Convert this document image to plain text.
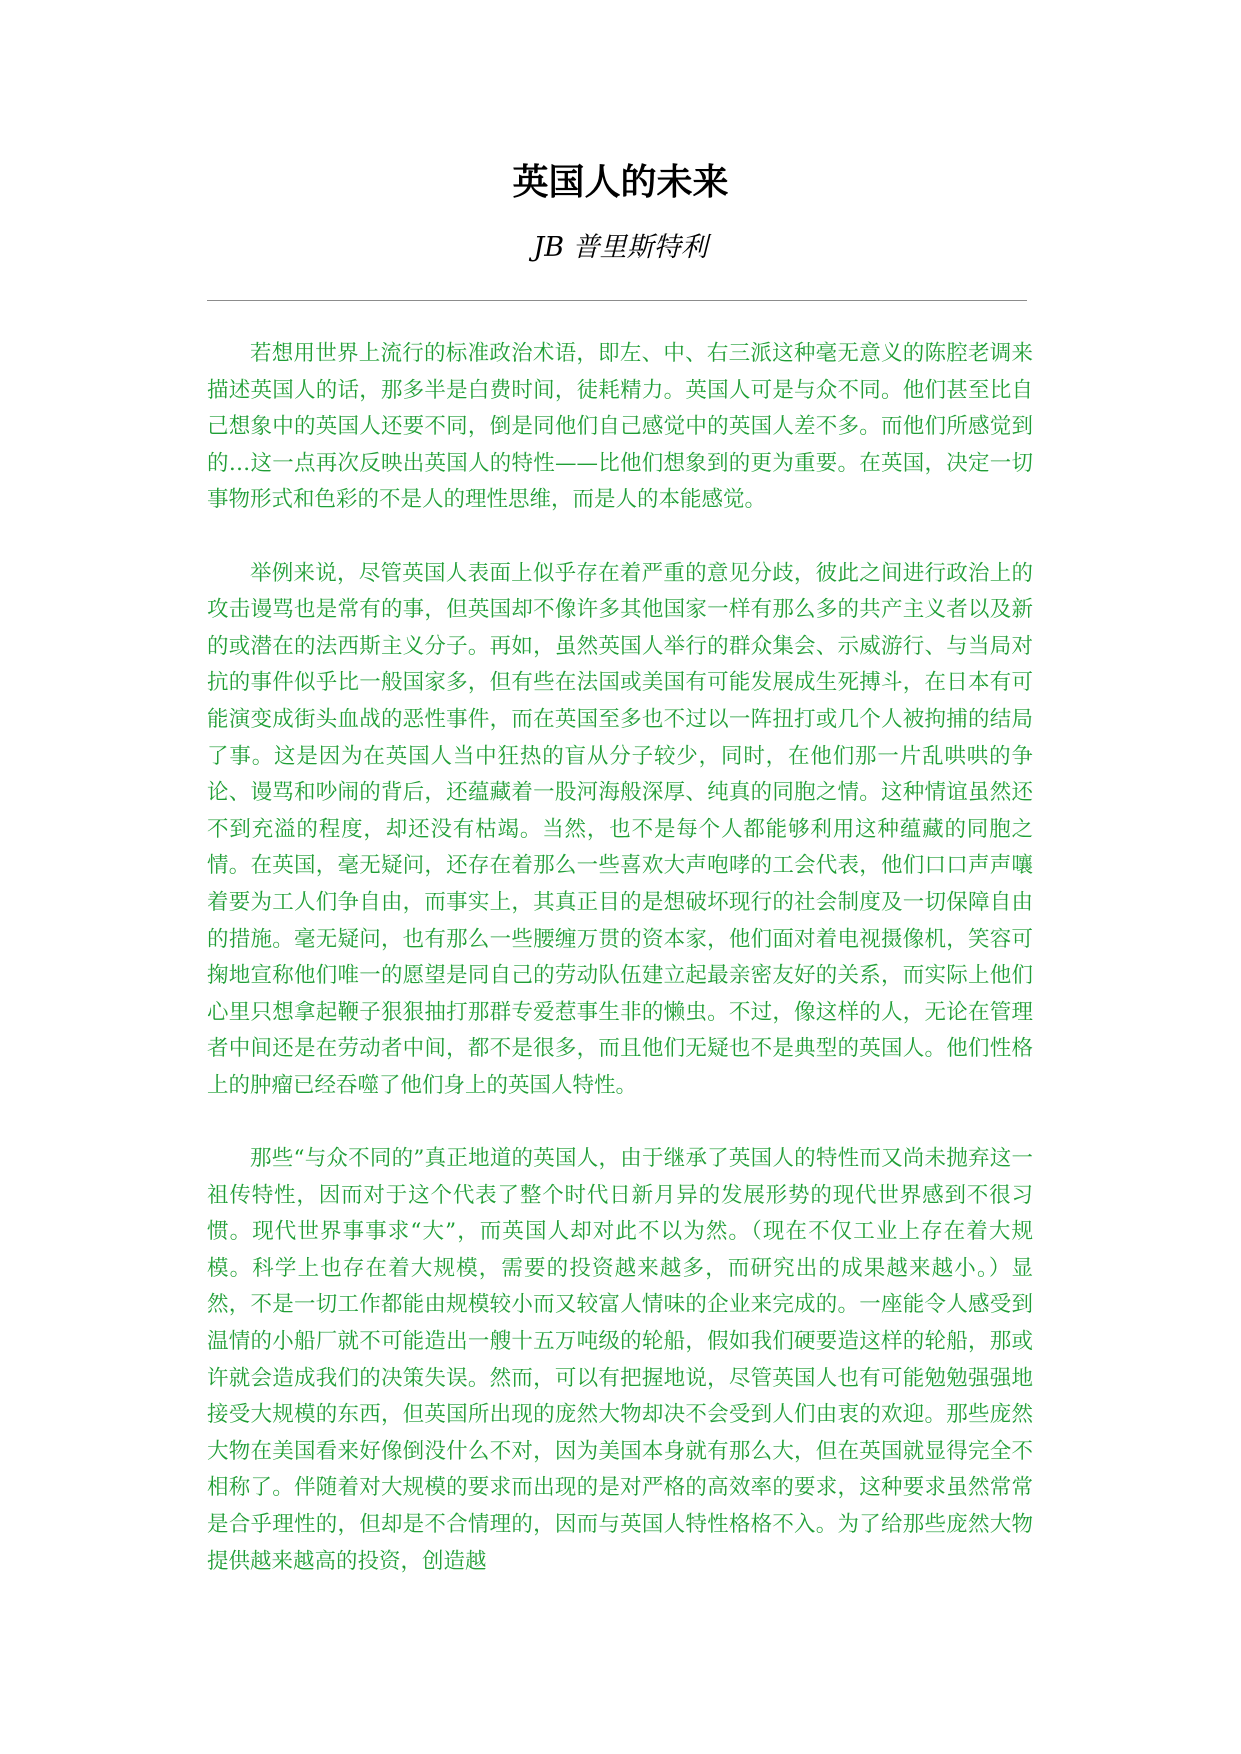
英国人的未来
JB 普里斯特利

若想用世界上流行的标准政治术语，即左、中、右三派这种毫无意义的陈腔老调来描述英国人的话，那多半是白费时间，徒耗精力。英国人可是与众不同。他们甚至比自己想象中的英国人还要不同，倒是同他们自己感觉中的英国人差不多。而他们所感觉到的…这一点再次反映出英国人的特性——比他们想象到的更为重要。在英国，决定一切事物形式和色彩的不是人的理性思维，而是人的本能感觉。

举例来说，尽管英国人表面上似乎存在着严重的意见分歧，彼此之间进行政治上的攻击谩骂也是常有的事，但英国却不像许多其他国家一样有那么多的共产主义者以及新的或潜在的法西斯主义分子。再如，虽然英国人举行的群众集会、示威游行、与当局对抗的事件似乎比一般国家多，但有些在法国或美国有可能发展成生死搏斗，在日本有可能演变成街头血战的恶性事件，而在英国至多也不过以一阵扭打或几个人被拘捕的结局了事。这是因为在英国人当中狂热的盲从分子较少，同时，在他们那一片乱哄哄的争论、谩骂和吵闹的背后，还蕴藏着一股河海般深厚、纯真的同胞之情。这种情谊虽然还不到充溢的程度，却还没有枯竭。当然，也不是每个人都能够利用这种蕴藏的同胞之情。在英国，毫无疑问，还存在着那么一些喜欢大声咆哮的工会代表，他们口口声声嚷着要为工人们争自由，而事实上，其真正目的是想破坏现行的社会制度及一切保障自由的措施。毫无疑问，也有那么一些腰缠万贯的资本家，他们面对着电视摄像机，笑容可掬地宣称他们唯一的愿望是同自己的劳动队伍建立起最亲密友好的关系，而实际上他们心里只想拿起鞭子狠狠抽打那群专爱惹事生非的懒虫。不过，像这样的人，无论在管理者中间还是在劳动者中间，都不是很多，而且他们无疑也不是典型的英国人。他们性格上的肿瘤已经吞噬了他们身上的英国人特性。

那些“与众不同的”真正地道的英国人，由于继承了英国人的特性而又尚未抛弃这一祖传特性，因而对于这个代表了整个时代日新月异的发展形势的现代世界感到不很习惯。现代世界事事求“大”，而英国人却对此不以为然。（现在不仅工业上存在着大规模。科学上也存在着大规模，需要的投资越来越多，而研究出的成果越来越小。）显然，不是一切工作都能由规模较小而又较富人情味的企业来完成的。一座能令人感受到温情的小船厂就不可能造出一艘十五万吨级的轮船，假如我们硬要造这样的轮船，那或许就会造成我们的决策失误。然而，可以有把握地说，尽管英国人也有可能勉勉强强地接受大规模的东西，但英国所出现的庞然大物却决不会受到人们由衷的欢迎。那些庞然大物在美国看来好像倒没什么不对，因为美国本身就有那么大，但在英国就显得完全不相称了。伴随着对大规模的要求而出现的是对严格的高效率的要求，这种要求虽然常常是合乎理性的，但却是不合情理的，因而与英国人特性格格不入。为了给那些庞然大物提供越来越高的投资，创造越
